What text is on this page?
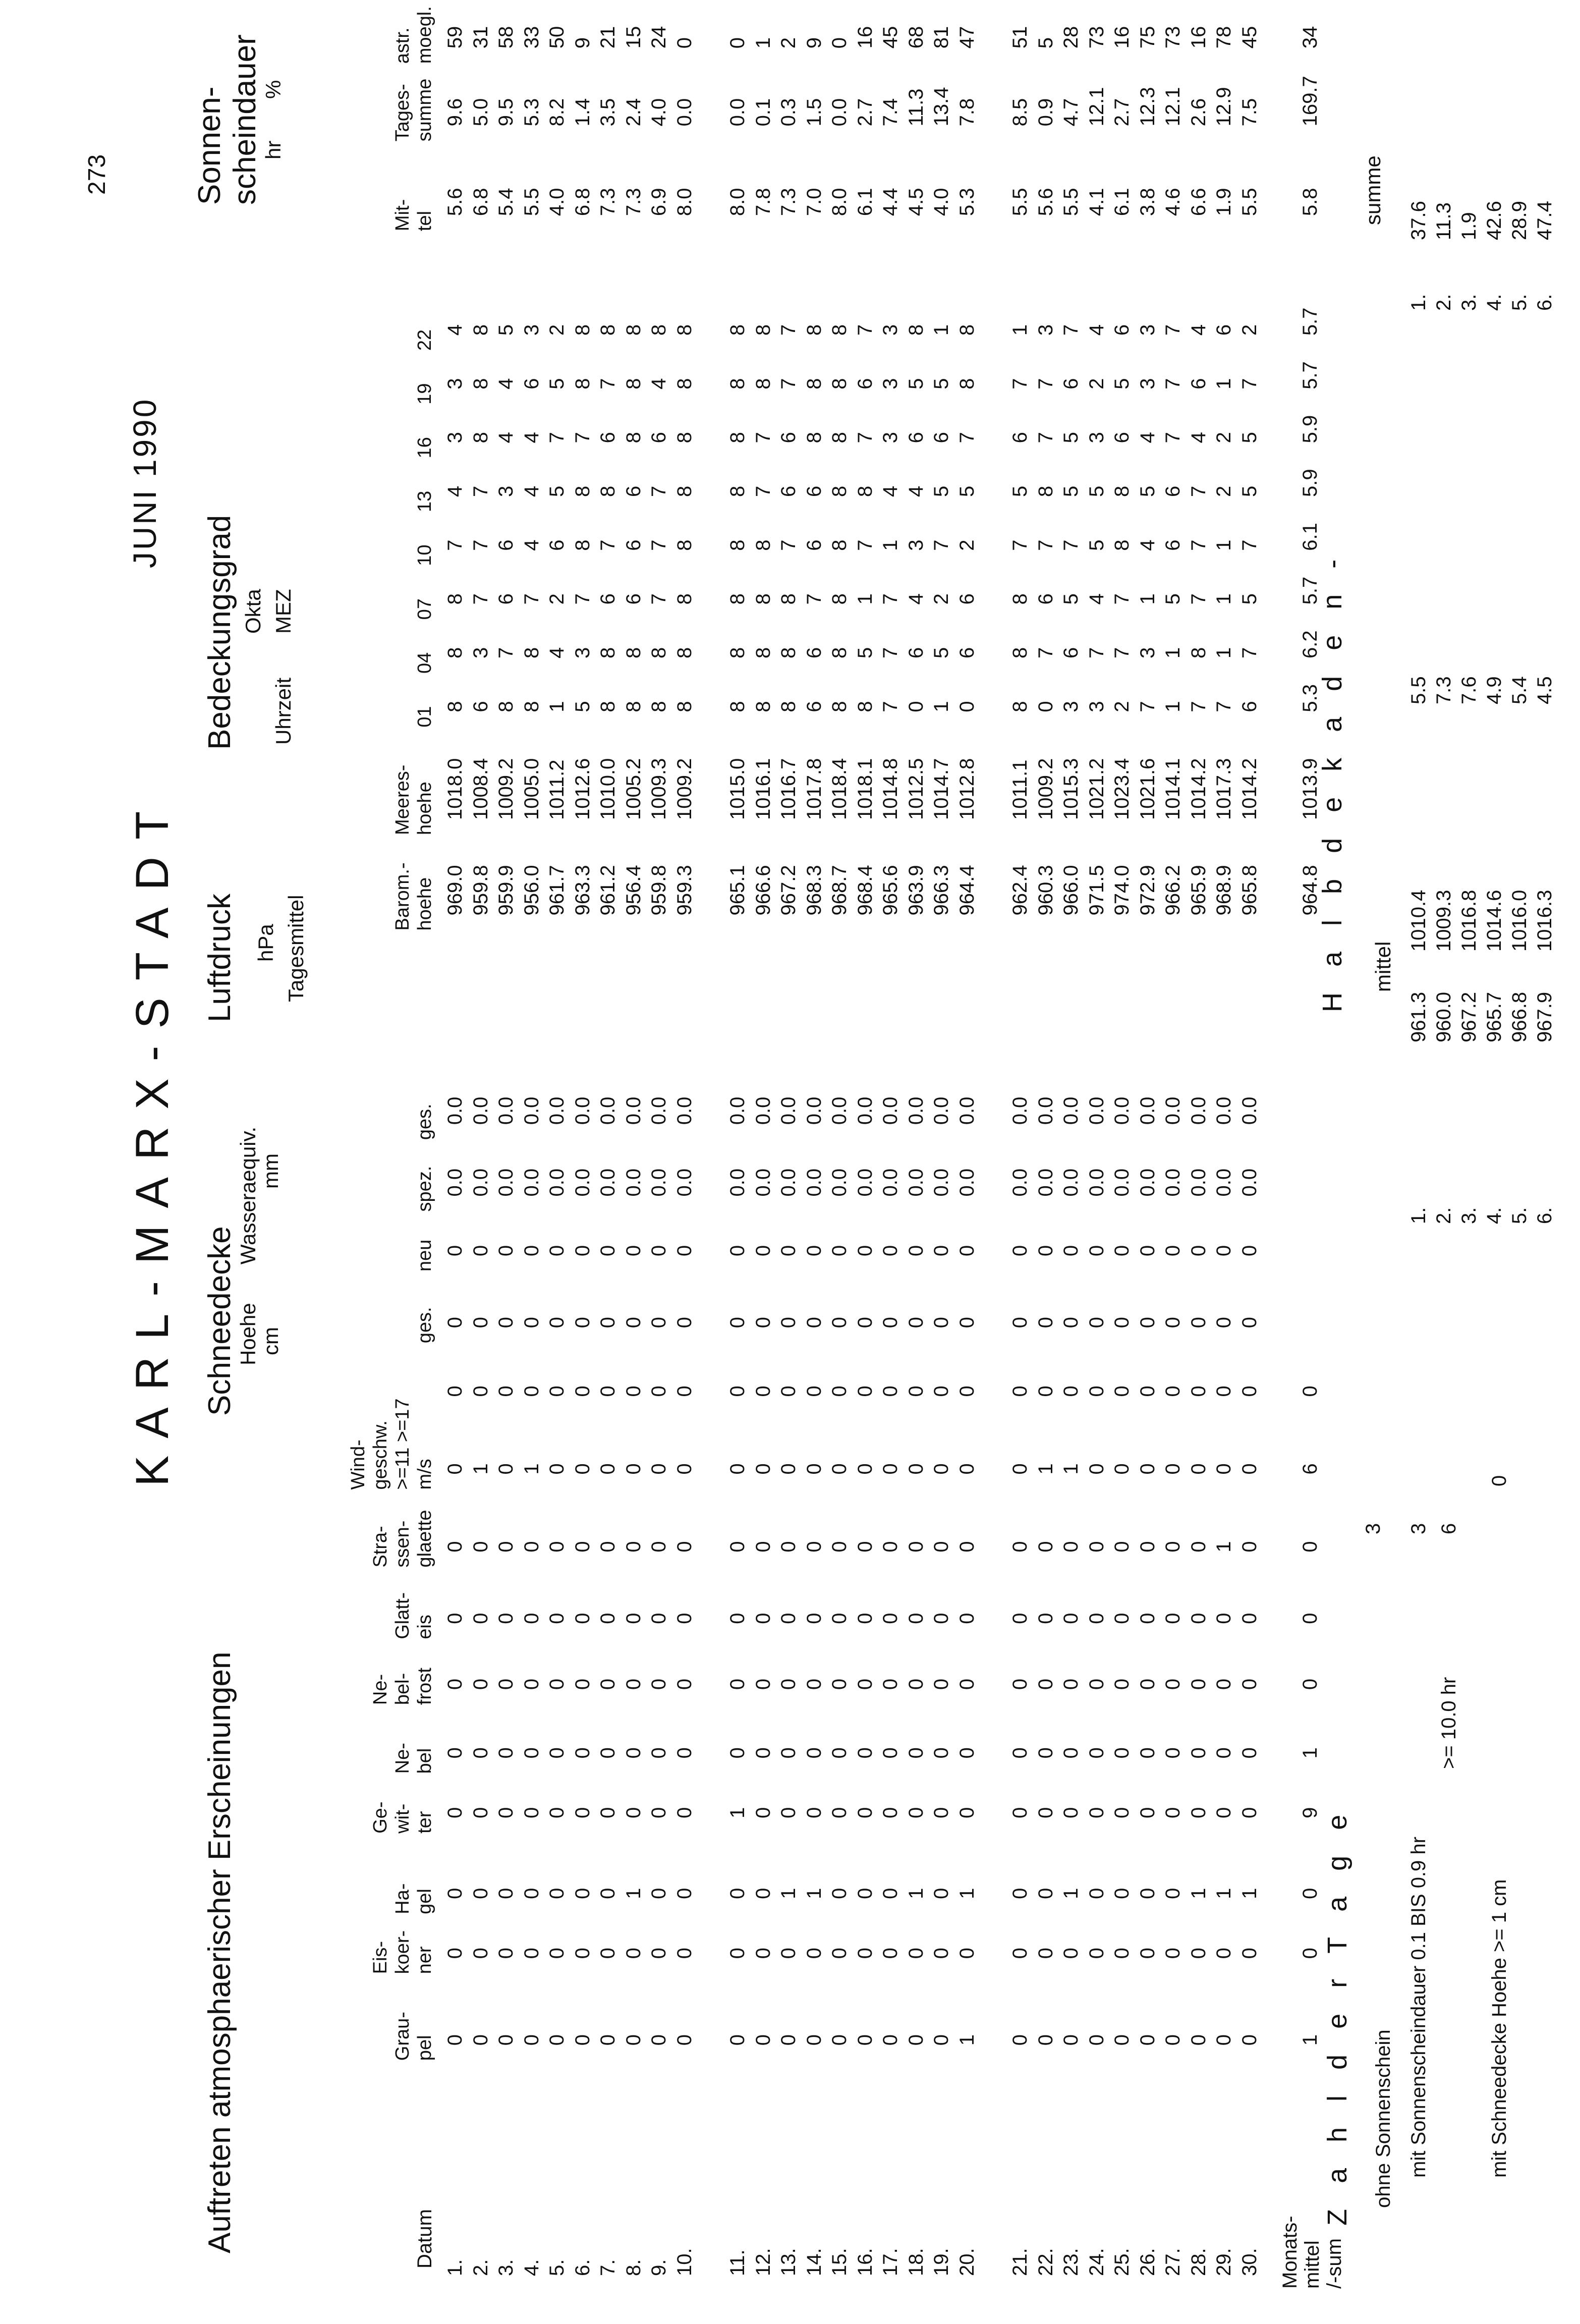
273
KARL-MARX-STADT
JUNI 1990
Auftreten atmosphaerischer Erscheinungen
Schneedecke
Luftdruck
Bedeckungsgrad
Sonnen- scheindauer
Hoehe
cm
Wasseraequiv.
mm
hPa Tagesmittel
Okta
Uhrzeit
MEZ
hr
%
Datum
Grau-
pel
Eis-
koer-
ner
Ha-
gel
Ge-
wit-
ter
Ne-
bel
Ne-
bel-
frost
Glatt-
eis
Stra-
ssen-
glaette
Wind-
geschw.
>=11 >=17
m/s
ges.
neu
spez.
ges.
Barom.-
hoehe
Meeres-
hoehe
01
04
07
10
13
16
19
22
Mit-
tel
Tages-
summe
astr.
moegl.
1.
0
0
0
0
0
0
0
0
0
0
0
0
0.0
0.0
969.0
1018.0
8
8
8
7
4
3
3
4
5.6
9.6
59
2.
0
0
0
0
0
0
0
0
1
0
0
0
0.0
0.0
959.8
1008.4
6
3
7
7
7
8
8
8
6.8
5.0
31
3.
0
0
0
0
0
0
0
0
0
0
0
0
0.0
0.0
959.9
1009.2
8
7
6
6
3
4
4
5
5.4
9.5
58
4.
0
0
0
0
0
0
0
0
1
0
0
0
0.0
0.0
956.0
1005.0
8
8
7
4
4
4
6
3
5.5
5.3
33
5.
0
0
0
0
0
0
0
0
0
0
0
0
0.0
0.0
961.7
1011.2
1
4
2
6
5
7
5
2
4.0
8.2
50
6.
0
0
0
0
0
0
0
0
0
0
0
0
0.0
0.0
963.3
1012.6
5
3
7
8
8
7
8
8
6.8
1.4
9
7.
0
0
0
0
0
0
0
0
0
0
0
0
0.0
0.0
961.2
1010.0
8
8
6
7
8
6
7
8
7.3
3.5
21
8.
0
0
1
0
0
0
0
0
0
0
0
0
0.0
0.0
956.4
1005.2
8
8
6
6
6
8
8
8
7.3
2.4
15
9.
0
0
0
0
0
0
0
0
0
0
0
0
0.0
0.0
959.8
1009.3
8
8
7
7
7
6
4
8
6.9
4.0
24
10.
0
0
0
0
0
0
0
0
0
0
0
0
0.0
0.0
959.3
1009.2
8
8
8
8
8
8
8
8
8.0
0.0
0
11.
0
0
0
1
0
0
0
0
0
0
0
0
0.0
0.0
965.1
1015.0
8
8
8
8
8
8
8
8
8.0
0.0
0
12.
0
0
0
0
0
0
0
0
0
0
0
0
0.0
0.0
966.6
1016.1
8
8
8
8
7
7
8
8
7.8
0.1
1
13.
0
0
1
0
0
0
0
0
0
0
0
0
0.0
0.0
967.2
1016.7
8
8
8
7
6
6
7
7
7.3
0.3
2
14.
0
0
1
0
0
0
0
0
0
0
0
0
0.0
0.0
968.3
1017.8
6
6
7
6
6
8
8
8
7.0
1.5
9
15.
0
0
0
0
0
0
0
0
0
0
0
0
0.0
0.0
968.7
1018.4
8
8
8
8
8
8
8
8
8.0
0.0
0
16.
0
0
0
0
0
0
0
0
0
0
0
0
0.0
0.0
968.4
1018.1
8
5
1
7
8
7
6
7
6.1
2.7
16
17.
0
0
0
0
0
0
0
0
0
0
0
0
0.0
0.0
965.6
1014.8
7
7
7
1
4
3
3
3
4.4
7.4
45
18.
0
0
1
0
0
0
0
0
0
0
0
0
0.0
0.0
963.9
1012.5
0
6
4
3
4
6
5
8
4.5
11.3
68
19.
0
0
0
0
0
0
0
0
0
0
0
0
0.0
0.0
966.3
1014.7
1
5
2
7
5
6
5
1
4.0
13.4
81
20.
1
0
1
0
0
0
0
0
0
0
0
0
0.0
0.0
964.4
1012.8
0
6
6
2
5
7
8
8
5.3
7.8
47
21.
0
0
0
0
0
0
0
0
0
0
0
0
0.0
0.0
962.4
1011.1
8
8
8
7
5
6
7
1
5.5
8.5
51
22.
0
0
0
0
0
0
0
0
1
0
0
0
0.0
0.0
960.3
1009.2
0
7
6
7
8
7
7
3
5.6
0.9
5
23.
0
0
1
0
0
0
0
0
1
0
0
0
0.0
0.0
966.0
1015.3
3
6
5
7
5
5
6
7
5.5
4.7
28
24.
0
0
0
0
0
0
0
0
0
0
0
0
0.0
0.0
971.5
1021.2
3
7
4
5
5
3
2
4
4.1
12.1
73
25.
0
0
0
0
0
0
0
0
0
0
0
0
0.0
0.0
974.0
1023.4
2
7
7
8
8
6
5
6
6.1
2.7
16
26.
0
0
0
0
0
0
0
0
0
0
0
0
0.0
0.0
972.9
1021.6
7
3
1
4
5
4
3
3
3.8
12.3
75
27.
0
0
0
0
0
0
0
0
0
0
0
0
0.0
0.0
966.2
1014.1
1
1
5
6
6
7
7
7
4.6
12.1
73
28.
0
0
1
0
0
0
0
0
0
0
0
0
0.0
0.0
965.9
1014.2
7
8
7
7
7
4
6
4
6.6
2.6
16
29.
0
0
1
0
0
0
0
1
0
0
0
0
0.0
0.0
968.9
1017.3
7
1
1
1
2
2
1
6
1.9
12.9
78
30.
0
0
1
0
0
0
0
0
0
0
0
0
0.0
0.0
965.8
1014.2
6
7
5
7
5
5
7
2
5.5
7.5
45
Monats-
mittel
/-sum
1
0
0
9
1
0
0
0
6
0
964.8
1013.9
5.3
6.2
5.7
6.1
5.9
5.9
5.7
5.7
5.8
169.7
34
Z a h l d e r T a g e ohne Sonnenschein
3
mit Sonnenscheindauer 0.1 BIS 0.9 hr
3
>= 10.0 hr
6
mit Schneedecke Hoehe >= 1 cm
0
H a l b d e k a d e n - mittel
summe
1.
961.3
1010.4
5.5
1.
37.6
2.
960.0
1009.3
7.3
2.
11.3
3.
967.2
1016.8
7.6
3.
1.9
4.
965.7
1014.6
4.9
4.
42.6
5.
966.8
1016.0
5.4
5.
28.9
6.
967.9
1016.3
4.5
6.
47.4
